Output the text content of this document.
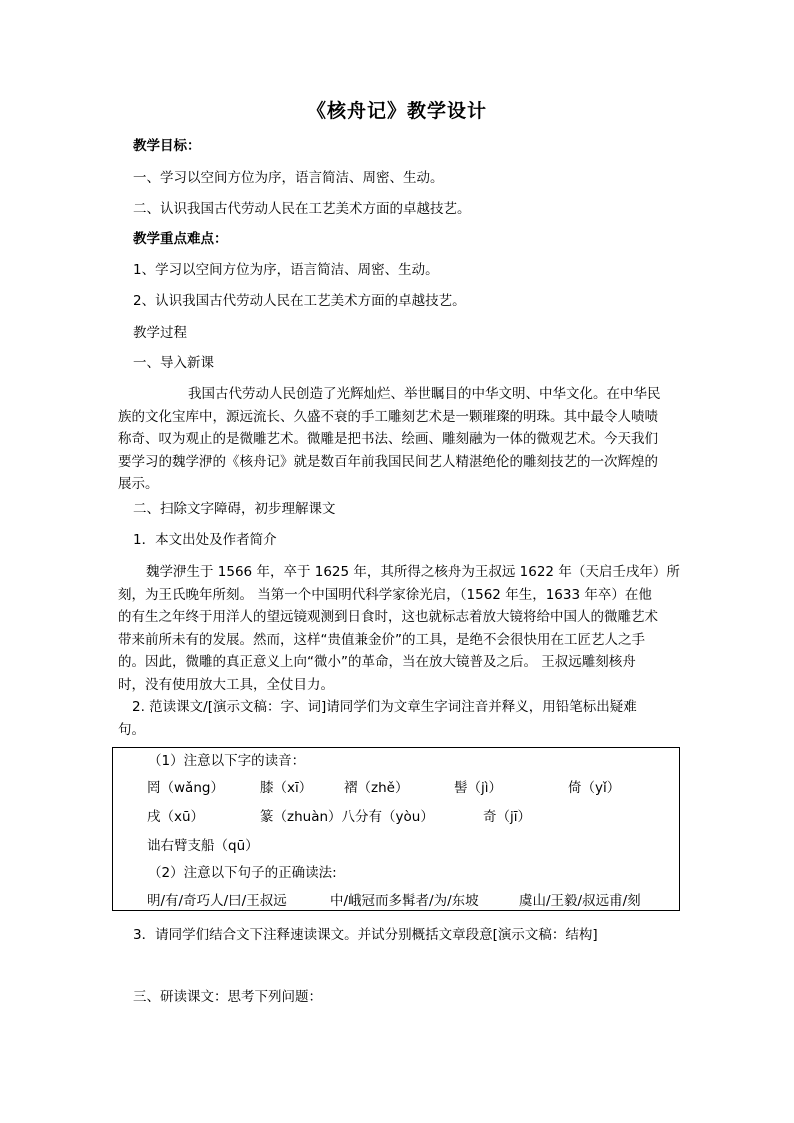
《核舟记》教学设计
教学目标：
一、学习以空间方位为序，语言简洁、周密、生动。
二、认识我国古代劳动人民在工艺美术方面的卓越技艺。
教学重点难点：
1、学习以空间方位为序，语言简洁、周密、生动。
2、认识我国古代劳动人民在工艺美术方面的卓越技艺。
教学过程
一、导入新课
我国古代劳动人民创造了光辉灿烂、举世瞩目的中华文明、中华文化。在中华民
族的文化宝库中，源远流长、久盛不衰的手工雕刻艺术是一颗璀璨的明珠。其中最令人啧啧
称奇、叹为观止的是微雕艺术。微雕是把书法、绘画、雕刻融为一体的微观艺术。今天我们
要学习的魏学洢的《核舟记》就是数百年前我国民间艺人精湛绝伦的雕刻技艺的一次辉煌的
展示。
二、扫除文字障碍，初步理解课文
1．本文出处及作者简介
魏学洢生于 1566 年，卒于 1625 年，其所得之核舟为王叔远 1622 年（天启壬戌年）所
刻，为王氏晚年所刻。 当第一个中国明代科学家徐光启，（1562 年生，1633 年卒）在他
的有生之年终于用洋人的望远镜观测到日食时，这也就标志着放大镜将给中国人的微雕艺术
带来前所未有的发展。然而，这样“贵值兼金价”的工具，是绝不会很快用在工匠艺人之手
的。因此，微雕的真正意义上向“微小”的革命，当在放大镜普及之后。 王叔远雕刻核舟
时，没有使用放大工具，全仗目力。
2. 范读课文/[演示文稿：字、词]请同学们为文章生字词注音并释义，用铅笔标出疑难
句。
（1）注意以下字的读音：
罔（wǎng）	膝（xī） 褶（zhě）	髻（jì）	倚（yǐ）
戌（xū）	篆（zhuàn）八分有（yòu）	奇（jī）
诎右臂支船（qū）
（2）注意以下句子的正确读法:
明/有/奇巧人/曰/王叔远	中/峨冠而多髯者/为/东坡	虞山/王毅/叔远甫/刻
3．请同学们结合文下注释速读课文。并试分别概括文章段意[演示文稿：结构]
三、研读课文：思考下列问题：
